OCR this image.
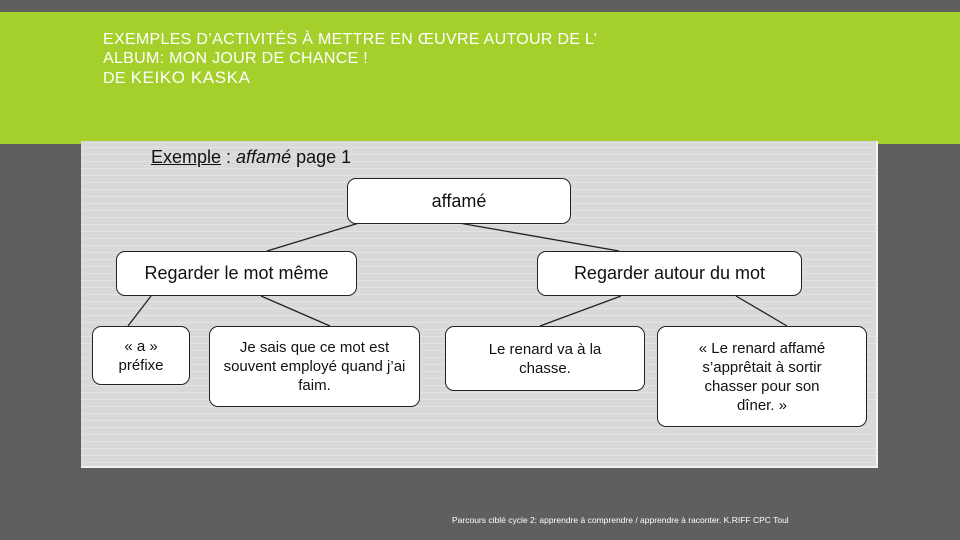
EXEMPLES D’ACTIVITÉS À METTRE EN ŒUVRE AUTOUR DE L’
ALBUM: MON JOUR DE CHANCE !
DE KEIKO KASKA
Exemple : affamé page 1
affamé
Regarder le mot même	Regarder autour du mot
« a » préfixe
Je sais que ce mot est souvent employé quand j’ai faim.
Le renard va à la chasse.
« Le renard affamé s’apprêtait à sortir chasser pour son dîner. »
Parcours ciblé cycle 2: apprendre à comprendre / apprendre à raconter. K.RIFF CPC Toul
